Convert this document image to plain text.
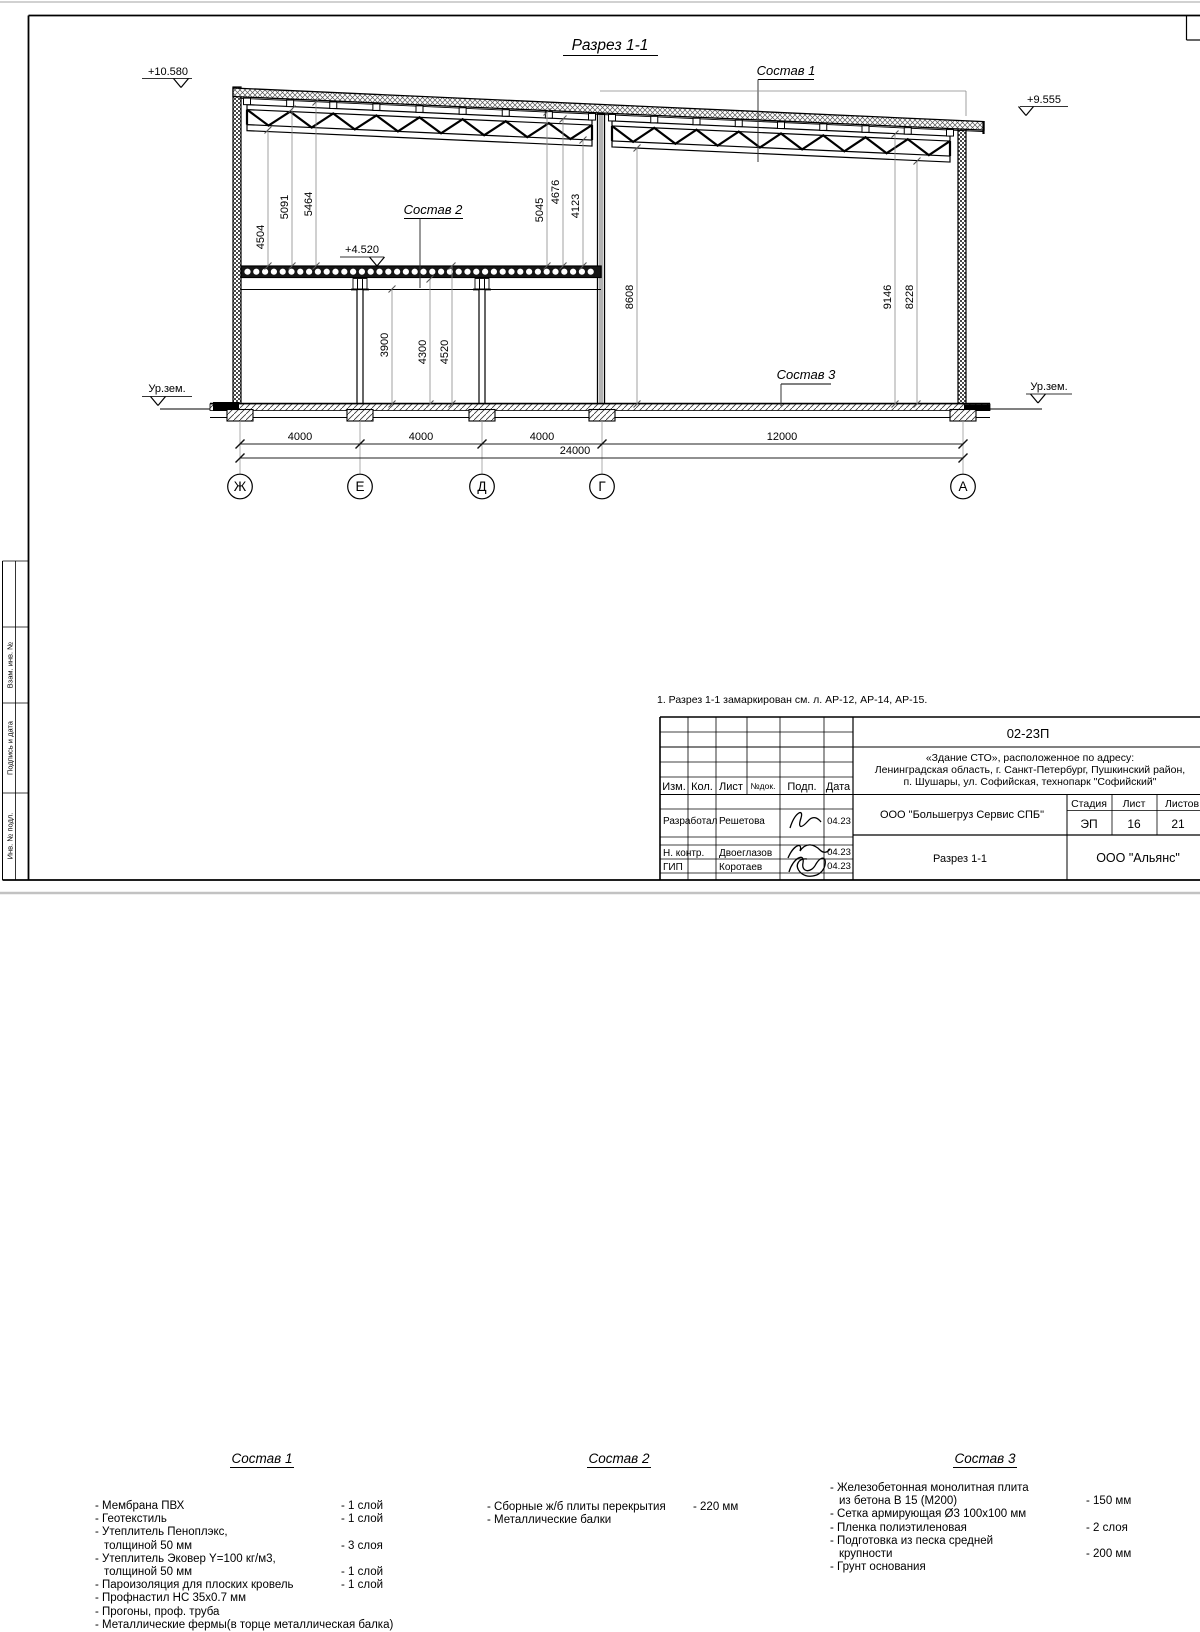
4000	4000	4000	12000
24000
Ж	Е	Д	Г	А
4504
5091 5464	5045
4676
4123
8608	9146 8228
3900 4300 4520
Разрез 1-1
+10.580
+9.555
+4.520
Ур.зем.	Ур.зем.
Состав 1
Состав 2
Состав 3
Взам. инв. №
Подпись и дата
Инв. № подл.
02-23П
«Здание СТО», расположенное по адресу:
Ленинградская область, г. Санкт-Петербург, Пушкинский район,
п. Шушары, ул. Софийская, технопарк "Софийский"
Изм. Кол. Лист №док. Подп. Дата
Разработал Решетова	04.23
Н. контр. Двоеглазов	04.23
ГИП	Коротаев	04.23
ООО "Большегруз Сервис СПБ"
Стадия Лист Листов
ЭП 16	21
Разрез 1-1	ООО "Альянс"
Состав 1
- Мембрана ПВХ	- 1 слой
- Геотекстиль	- 1 слой
- Утеплитель Пеноплэкс,
толщиной 50 мм	- 3 слоя
- Утеплитель Эковер Y=100 кг/м3,
толщиной 50 мм	- 1 слой
- Пароизоляция для плоских кровель	- 1 слой
- Профнастил НС 35х0.7 мм
- Прогоны, проф. труба
- Металлические фермы(в торце металлическая балка)
Состав 2
- Сборные ж/б плиты перекрытия - 220 мм
- Металлические балки
Состав 3
- Железобетонная монолитная плита
из бетона В 15 (М200)	- 150 мм
- Сетка армирующая Ø3 100х100 мм
- Пленка полиэтиленовая	- 2 слоя
- Подготовка из песка средней
крупности	- 200 мм
- Грунт основания
1. Разрез 1-1 замаркирован см. л. АР-12, АР-14, АР-15.
